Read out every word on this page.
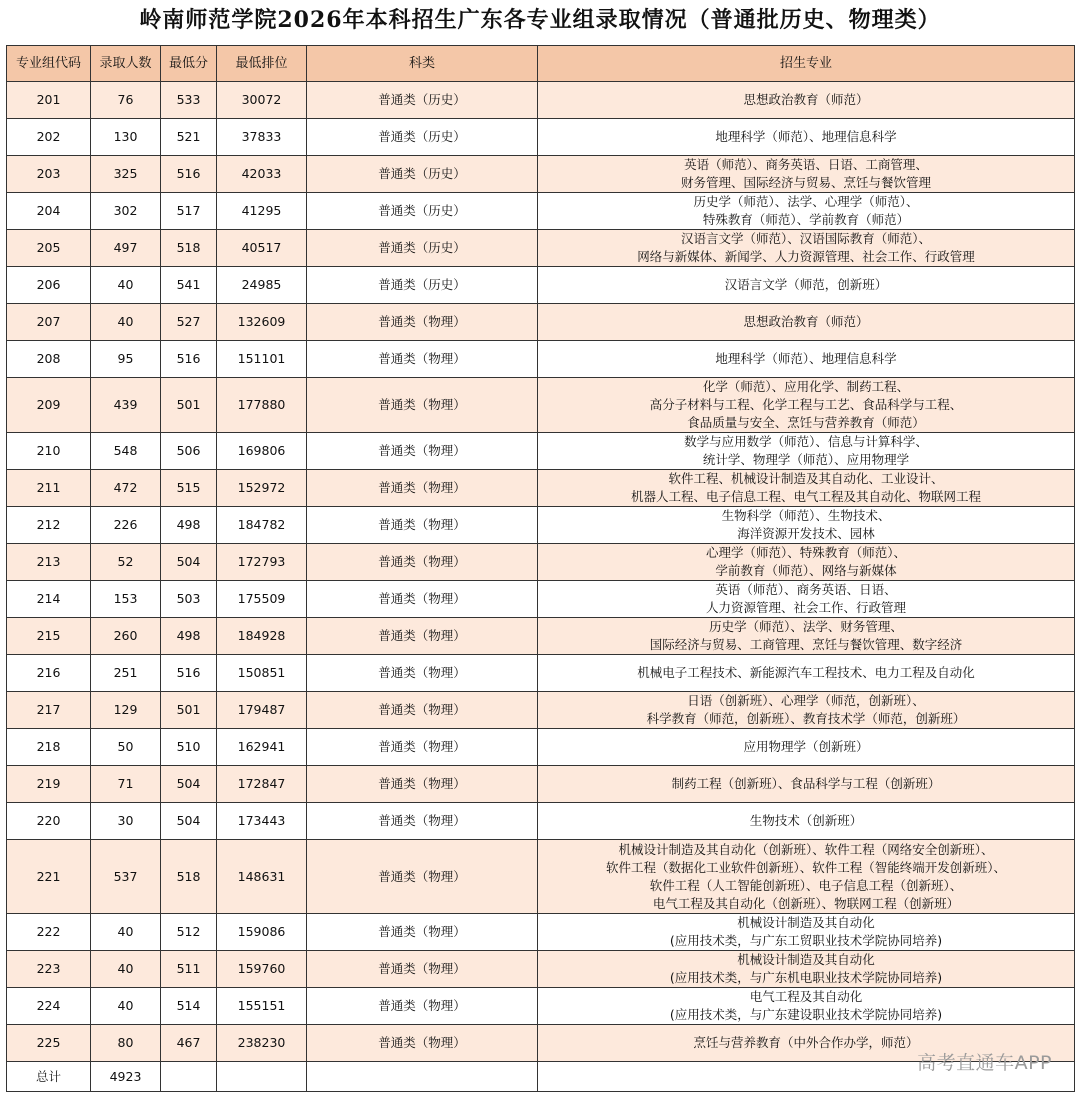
岭南师范学院2026年本科招生广东各专业组录取情况（普通批历史、物理类）
专业组代码	录取人数	最低分	最低排位	科类	招生专业
201	76	533	30072	普通类（历史）	思想政治教育（师范）

202	130	521	37833	普通类（历史）	地理科学（师范）、地理信息科学

203	325	516	42033	普通类（历史）	英语（师范）、商务英语、日语、工商管理、
财务管理、国际经济与贸易、烹饪与餐饮管理

204	302	517	41295	普通类（历史）	历史学（师范）、法学、心理学（师范）、
特殊教育（师范）、学前教育（师范）

205	497	518	40517	普通类（历史）	汉语言文学（师范）、汉语国际教育（师范）、
网络与新媒体、新闻学、人力资源管理、社会工作、行政管理

206	40	541	24985	普通类（历史）	汉语言文学（师范，创新班）

207	40	527	132609	普通类（物理）	思想政治教育（师范）

208	95	516	151101	普通类（物理）	地理科学（师范）、地理信息科学

209	439	501	177880	普通类（物理）	化学（师范）、应用化学、制药工程、
高分子材料与工程、化学工程与工艺、食品科学与工程、
食品质量与安全、烹饪与营养教育（师范）

210	548	506	169806	普通类（物理）	数学与应用数学（师范）、信息与计算科学、
统计学、物理学（师范）、应用物理学

211	472	515	152972	普通类（物理）	软件工程、机械设计制造及其自动化、工业设计、
机器人工程、电子信息工程、电气工程及其自动化、物联网工程

212	226	498	184782	普通类（物理）	生物科学（师范）、生物技术、
海洋资源开发技术、园林

213	52	504	172793	普通类（物理）	心理学（师范）、特殊教育（师范）、
学前教育（师范）、网络与新媒体

214	153	503	175509	普通类（物理）	英语（师范）、商务英语、日语、
人力资源管理、社会工作、行政管理

215	260	498	184928	普通类（物理）	历史学（师范）、法学、财务管理、
国际经济与贸易、工商管理、烹饪与餐饮管理、数字经济

216	251	516	150851	普通类（物理）	机械电子工程技术、新能源汽车工程技术、电力工程及自动化

217	129	501	179487	普通类（物理）	日语（创新班）、心理学（师范，创新班）、
科学教育（师范，创新班）、教育技术学（师范，创新班）

218	50	510	162941	普通类（物理）	应用物理学（创新班）

219	71	504	172847	普通类（物理）	制药工程（创新班）、食品科学与工程（创新班）

220	30	504	173443	普通类（物理）	生物技术（创新班）

221	537	518	148631	普通类（物理）	机械设计制造及其自动化（创新班）、软件工程（网络安全创新班）、
软件工程（数据化工业软件创新班）、软件工程（智能终端开发创新班）、
软件工程（人工智能创新班）、电子信息工程（创新班）、
电气工程及其自动化（创新班）、物联网工程（创新班）

222	40	512	159086	普通类（物理）	机械设计制造及其自动化
(应用技术类，与广东工贸职业技术学院协同培养)

223	40	511	159760	普通类（物理）	机械设计制造及其自动化
(应用技术类，与广东机电职业技术学院协同培养)

224	40	514	155151	普通类（物理）	电气工程及其自动化
(应用技术类，与广东建设职业技术学院协同培养)

225	80	467	238230	普通类（物理）	烹饪与营养教育（中外合作办学，师范）

总计	4923				
高考直通车APP
